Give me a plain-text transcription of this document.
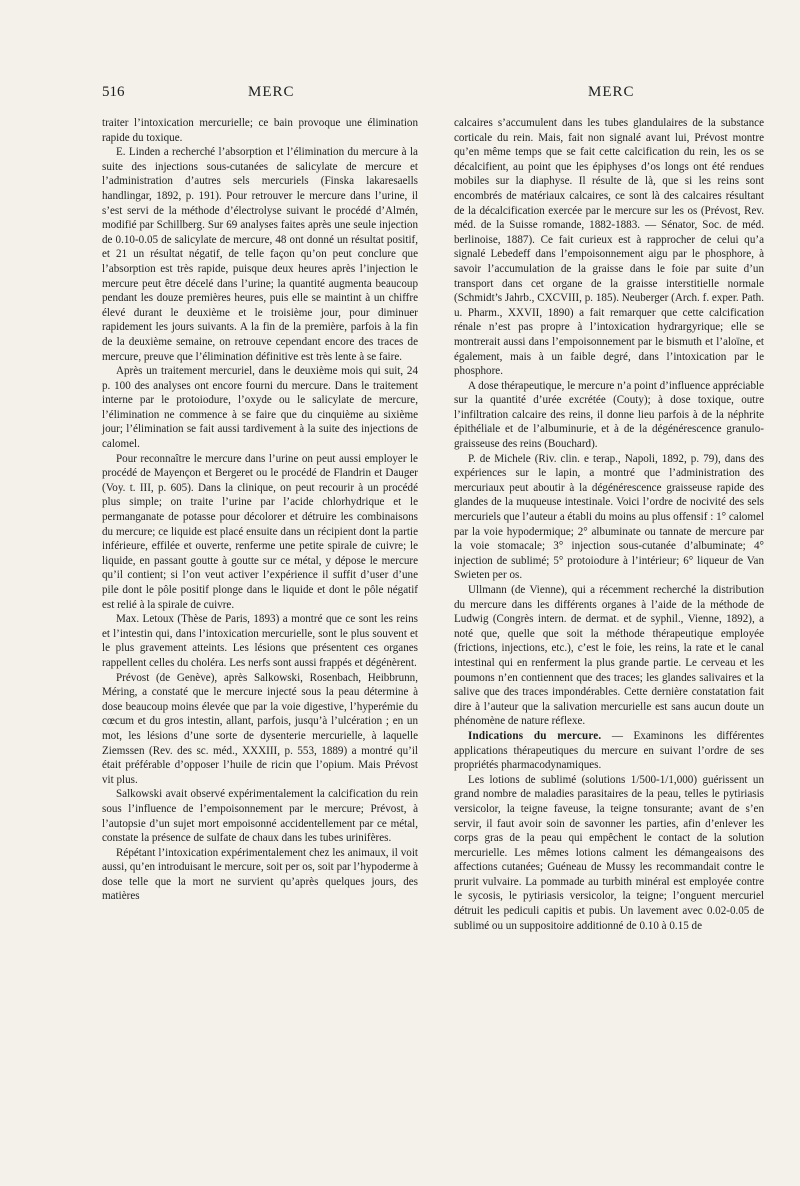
516	MERC	MERC

traiter l’intoxication mercurielle; ce bain provoque une élimination rapide du toxique.

E. Linden a recherché l’absorption et l’élimination du mercure à la suite des injections sous-cutanées de salicylate de mercure et l’administration d’autres sels mercuriels (Finska lakaresaells handlingar, 1892, p. 191). Pour retrouver le mercure dans l’urine, il s’est servi de la méthode d’électrolyse suivant le procédé d’Almén, modifié par Schillberg. Sur 69 analyses faites après une seule injection de 0.10-0.05 de salicylate de mercure, 48 ont donné un résultat positif, et 21 un résultat négatif, de telle façon qu’on peut conclure que l’absorption est très rapide, puisque deux heures après l’injection le mercure peut être décelé dans l’urine; la quantité augmenta beaucoup pendant les douze premières heures, puis elle se maintint à un chiffre élevé durant le deuxième et le troisième jour, pour diminuer rapidement les jours suivants. A la fin de la première, parfois à la fin de la deuxième semaine, on retrouve cependant encore des traces de mercure, preuve que l’élimination définitive est très lente à se faire.

Après un traitement mercuriel, dans le deuxième mois qui suit, 24 p. 100 des analyses ont encore fourni du mercure. Dans le traitement interne par le protoiodure, l’oxyde ou le salicylate de mercure, l’élimination ne commence à se faire que du cinquième au sixième jour; l’élimination se fait aussi tardivement à la suite des injections de calomel.

Pour reconnaître le mercure dans l’urine on peut aussi employer le procédé de Mayençon et Bergeret ou le procédé de Flandrin et Dauger (Voy. t. III, p. 605). Dans la clinique, on peut recourir à un procédé plus simple; on traite l’urine par l’acide chlorhydrique et le permanganate de potasse pour décolorer et détruire les combinaisons du mercure; ce liquide est placé ensuite dans un récipient dont la partie inférieure, effilée et ouverte, renferme une petite spirale de cuivre; le liquide, en passant goutte à goutte sur ce métal, y dépose le mercure qu’il contient; si l’on veut activer l’expérience il suffit d’user d’une pile dont le pôle positif plonge dans le liquide et dont le pôle négatif est relié à la spirale de cuivre.

Max. Letoux (Thèse de Paris, 1893) a montré que ce sont les reins et l’intestin qui, dans l’intoxication mercurielle, sont le plus souvent et le plus gravement atteints. Les lésions que présentent ces organes rappellent celles du choléra. Les nerfs sont aussi frappés et dégénèrent.

Prévost (de Genève), après Salkowski, Rosenbach, Heibbrunn, Méring, a constaté que le mercure injecté sous la peau détermine à dose beaucoup moins élevée que par la voie digestive, l’hyperémie du cœcum et du gros intestin, allant, parfois, jusqu’à l’ulcération ; en un mot, les lésions d’une sorte de dysenterie mercurielle, à laquelle Ziemssen (Rev. des sc. méd., XXXIII, p. 553, 1889) a montré qu’il était préférable d’opposer l’huile de ricin que l’opium. Mais Prévost vit plus.

Salkowski avait observé expérimentalement la calcification du rein sous l’influence de l’empoisonnement par le mercure; Prévost, à l’autopsie d’un sujet mort empoisonné accidentellement par ce métal, constate la présence de sulfate de chaux dans les tubes urinifères.

Répétant l’intoxication expérimentalement chez les animaux, il voit aussi, qu’en introduisant le mercure, soit per os, soit par l’hypoderme à dose telle que la mort ne survient qu’après quelques jours, des matières

calcaires s’accumulent dans les tubes glandulaires de la substance corticale du rein. Mais, fait non signalé avant lui, Prévost montre qu’en même temps que se fait cette calcification du rein, les os se décalcifient, au point que les épiphyses d’os longs ont été rendues mobiles sur la diaphyse. Il résulte de là, que si les reins sont encombrés de matériaux calcaires, ce sont là des calcaires résultant de la décalcification exercée par le mercure sur les os (Prévost, Rev. méd. de la Suisse romande, 1882-1883. — Sénator, Soc. de méd. berlinoise, 1887). Ce fait curieux est à rapprocher de celui qu’a signalé Lebedeff dans l’empoisonnement aigu par le phosphore, à savoir l’accumulation de la graisse dans le foie par suite d’un transport dans cet organe de la graisse interstitielle normale (Schmidt’s Jahrb., CXCVIII, p. 185). Neuberger (Arch. f. exper. Path. u. Pharm., XXVII, 1890) a fait remarquer que cette calcification rénale n’est pas propre à l’intoxication hydrargyrique; elle se montrerait aussi dans l’empoisonnement par le bismuth et l’aloïne, et également, mais à un faible degré, dans l’intoxication par le phosphore.

A dose thérapeutique, le mercure n’a point d’influence appréciable sur la quantité d’urée excrétée (Couty); à dose toxique, outre l’infiltration calcaire des reins, il donne lieu parfois à de la néphrite épithéliale et de l’albuminurie, et à de la dégénérescence granulo-graisseuse des reins (Bouchard).

P. de Michele (Riv. clin. e terap., Napoli, 1892, p. 79), dans des expériences sur le lapin, a montré que l’administration des mercuriaux peut aboutir à la dégénérescence graisseuse rapide des glandes de la muqueuse intestinale. Voici l’ordre de nocivité des sels mercuriels que l’auteur a établi du moins au plus offensif : 1° calomel par la voie hypodermique; 2° albuminate ou tannate de mercure par la voie stomacale; 3° injection sous-cutanée d’albuminate; 4° injection de sublimé; 5° protoiodure à l’intérieur; 6° liqueur de Van Swieten per os.

Ullmann (de Vienne), qui a récemment recherché la distribution du mercure dans les différents organes à l’aide de la méthode de Ludwig (Congrès intern. de dermat. et de syphil., Vienne, 1892), a noté que, quelle que soit la méthode thérapeutique employée (frictions, injections, etc.), c’est le foie, les reins, la rate et le canal intestinal qui en renferment la plus grande partie. Le cerveau et les poumons n’en contiennent que des traces; les glandes salivaires et la salive que des traces impondérables. Cette dernière constatation fait dire à l’auteur que la salivation mercurielle est sans aucun doute un phénomène de nature réflexe.

Indications du mercure. — Examinons les différentes applications thérapeutiques du mercure en suivant l’ordre de ses propriétés pharmacodynamiques.

Les lotions de sublimé (solutions 1/500-1/1,000) guérissent un grand nombre de maladies parasitaires de la peau, telles le pytiriasis versicolor, la teigne faveuse, la teigne tonsurante; avant de s’en servir, il faut avoir soin de savonner les parties, afin d’enlever les corps gras de la peau qui empêchent le contact de la solution mercurielle. Les mêmes lotions calment les démangeaisons des affections cutanées; Guéneau de Mussy les recommandait contre le prurit vulvaire. La pommade au turbith minéral est employée contre le sycosis, le pytiriasis versicolor, la teigne; l’onguent mercuriel détruit les pediculi capitis et pubis. Un lavement avec 0.02-0.05 de sublimé ou un suppositoire additionné de 0.10 à 0.15 de
